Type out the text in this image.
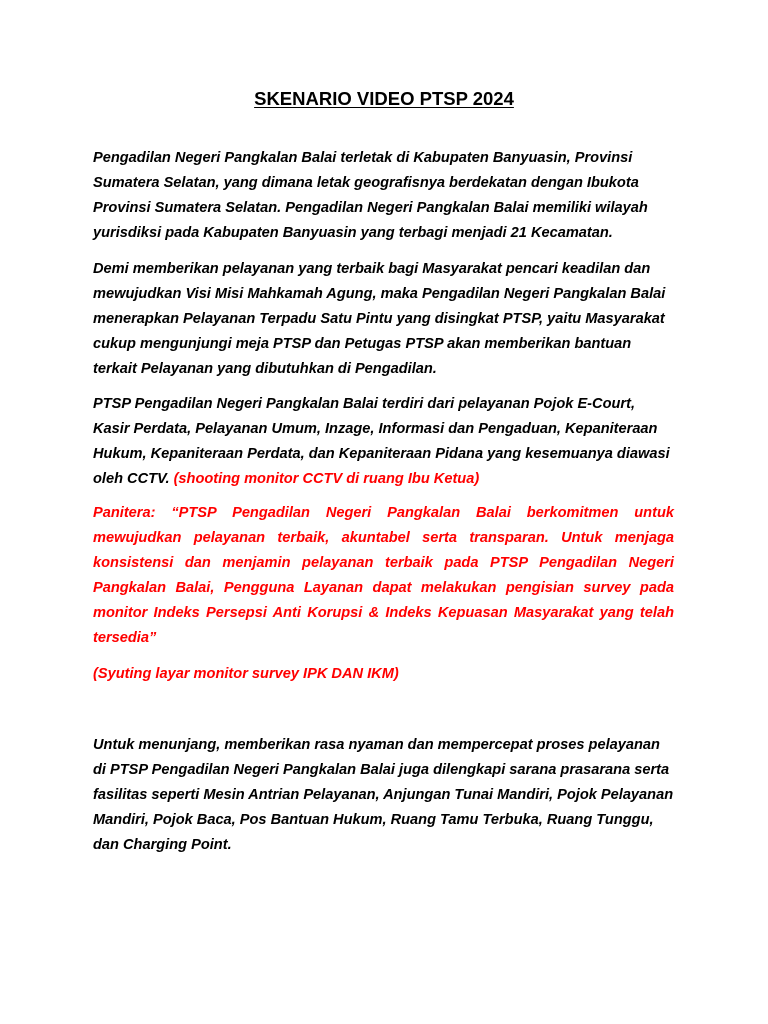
SKENARIO VIDEO PTSP 2024

Pengadilan Negeri Pangkalan Balai terletak di Kabupaten Banyuasin, Provinsi Sumatera Selatan, yang dimana letak geografisnya berdekatan dengan Ibukota Provinsi Sumatera Selatan. Pengadilan Negeri Pangkalan Balai memiliki wilayah yurisdiksi pada Kabupaten Banyuasin yang terbagi menjadi 21 Kecamatan.

Demi memberikan pelayanan yang terbaik bagi Masyarakat pencari keadilan dan mewujudkan Visi Misi Mahkamah Agung, maka Pengadilan Negeri Pangkalan Balai menerapkan Pelayanan Terpadu Satu Pintu yang disingkat PTSP, yaitu Masyarakat cukup mengunjungi meja PTSP dan Petugas PTSP akan memberikan bantuan terkait Pelayanan yang dibutuhkan di Pengadilan.

PTSP Pengadilan Negeri Pangkalan Balai terdiri dari pelayanan Pojok E-Court, Kasir Perdata, Pelayanan Umum, Inzage, Informasi dan Pengaduan, Kepaniteraan Hukum, Kepaniteraan Perdata, dan Kepaniteraan Pidana yang kesemuanya diawasi oleh CCTV. (shooting monitor CCTV di ruang Ibu Ketua)

Panitera: “PTSP Pengadilan Negeri Pangkalan Balai berkomitmen untuk mewujudkan pelayanan terbaik, akuntabel serta transparan. Untuk menjaga konsistensi dan menjamin pelayanan terbaik pada PTSP Pengadilan Negeri Pangkalan Balai, Pengguna Layanan dapat melakukan pengisian survey pada monitor Indeks Persepsi Anti Korupsi & Indeks Kepuasan Masyarakat yang telah tersedia”

(Syuting layar monitor survey IPK DAN IKM)

Untuk menunjang, memberikan rasa nyaman dan mempercepat proses pelayanan di PTSP Pengadilan Negeri Pangkalan Balai juga dilengkapi sarana prasarana serta fasilitas seperti Mesin Antrian Pelayanan, Anjungan Tunai Mandiri, Pojok Pelayanan Mandiri, Pojok Baca, Pos Bantuan Hukum, Ruang Tamu Terbuka, Ruang Tunggu, dan Charging Point.
